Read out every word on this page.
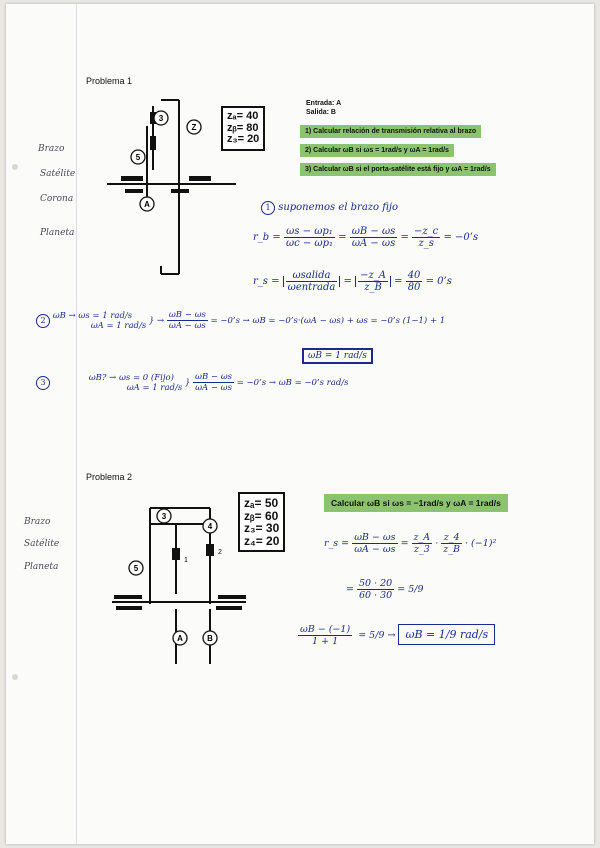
Problema 1
Brazo
Satélite
Corona
Planeta
3
Z
5
A
zₐ= 40
zᵦ= 80
z₃= 20
Entrada: A
Salida: B
1) Calcular relación de transmisión relativa al brazo
2) Calcular ωB si ωs = 1rad/s y ωA = 1rad/s
3) Calcular ωB si el porta-satélite está fijo y ωA = 1rad/s
1 suponemos el brazo fijo
r_b = $\frac{\text{ωs − ωp₁}}{\text{ωc − ωp₁}} = \frac{\omega B - \omega s}{\omega A - \omega s} = \frac{-z\_c}{z\_s}$ = −0’s
r_s = $\frac{\text{ωsalida}}{\text{ωentrada}} = \frac{-z\_A}{z\_B} = \frac{40}{80}$ = 0’s
2 ωB → ωs = 1 rad/s
ωA = 1 rad/s } → $\frac{\omega B - \omega s}{\omega A - \omega s}$ = −0’s → ωB = −0’s·(ωA − ωs) + ωs = −0’s (1−1) + 1
ωB = 1 rad/s
3	ωB? → ωs = 0 (Fijo)
ωA = 1 rad/s } $\frac{\omega B - \omega s}{\omega A - \omega s}$ = −0’s → ωB = −0’s rad/s
Problema 2
Brazo
Satélite
Planeta
3
4
5
A	B
1
2
zₐ= 50
zᵦ= 60
z₃= 30
z₄= 20
Calcular ωB si ωs = −1rad/s y ωA = 1rad/s
r_s = $\frac{\omega B - \omega s}{\omega A - \omega s} = \frac{z\_A}{z\_3} \cdot \frac{z\_4}{z\_B} \cdot (-1)^2$
= $\frac{50 \cdot 20}{60 \cdot 30} = 5/9$
$\frac{\omega B - (-1)}{1 + 1} = 5/9 \to \omega B = 1/9$ rad/s
